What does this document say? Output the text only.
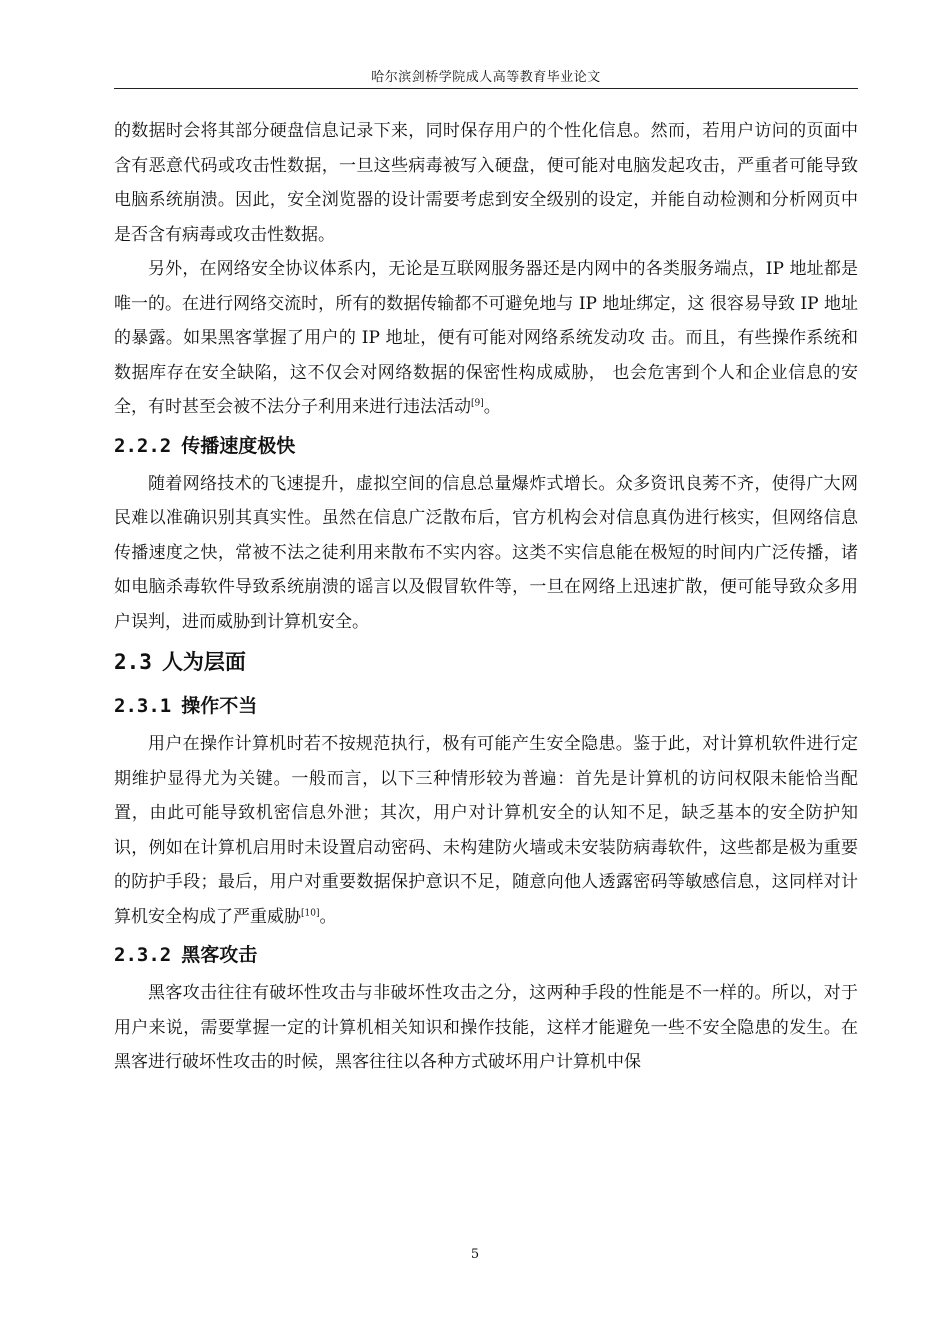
哈尔滨剑桥学院成人高等教育毕业论文

的数据时会将其部分硬盘信息记录下来，同时保存用户的个性化信息。然而，若用户访问的页面中含有恶意代码或攻击性数据，一旦这些病毒被写入硬盘，便可能对电脑发起攻击，严重者可能导致电脑系统崩溃。因此，安全浏览器的设计需要考虑到安全级别的设定，并能自动检测和分析网页中是否含有病毒或攻击性数据。

另外，在网络安全协议体系内，无论是互联网服务器还是内网中的各类服务端点，IP 地址都是唯一的。在进行网络交流时，所有的数据传输都不可避免地与 IP 地址绑定，这 很容易导致 IP 地址的暴露。如果黑客掌握了用户的 IP 地址，便有可能对网络系统发动攻 击。而且，有些操作系统和数据库存在安全缺陷，这不仅会对网络数据的保密性构成威胁， 也会危害到个人和企业信息的安全，有时甚至会被不法分子利用来进行违法活动[9]。

2.2.2 传播速度极快

随着网络技术的飞速提升，虚拟空间的信息总量爆炸式增长。众多资讯良莠不齐，使得广大网民难以准确识别其真实性。虽然在信息广泛散布后，官方机构会对信息真伪进行核实，但网络信息传播速度之快，常被不法之徒利用来散布不实内容。这类不实信息能在极短的时间内广泛传播，诸如电脑杀毒软件导致系统崩溃的谣言以及假冒软件等，一旦在网络上迅速扩散，便可能导致众多用户误判，进而威胁到计算机安全。

2.3 人为层面
2.3.1 操作不当

用户在操作计算机时若不按规范执行，极有可能产生安全隐患。鉴于此，对计算机软件进行定期维护显得尤为关键。一般而言，以下三种情形较为普遍：首先是计算机的访问权限未能恰当配置，由此可能导致机密信息外泄；其次，用户对计算机安全的认知不足，缺乏基本的安全防护知识，例如在计算机启用时未设置启动密码、未构建防火墙或未安装防病毒软件，这些都是极为重要的防护手段；最后，用户对重要数据保护意识不足，随意向他人透露密码等敏感信息，这同样对计算机安全构成了严重威胁[10]。

2.3.2 黑客攻击

黑客攻击往往有破坏性攻击与非破坏性攻击之分，这两种手段的性能是不一样的。所以，对于用户来说，需要掌握一定的计算机相关知识和操作技能，这样才能避免一些不安全隐患的发生。在黑客进行破坏性攻击的时候，黑客往往以各种方式破坏用户计算机中保

5
